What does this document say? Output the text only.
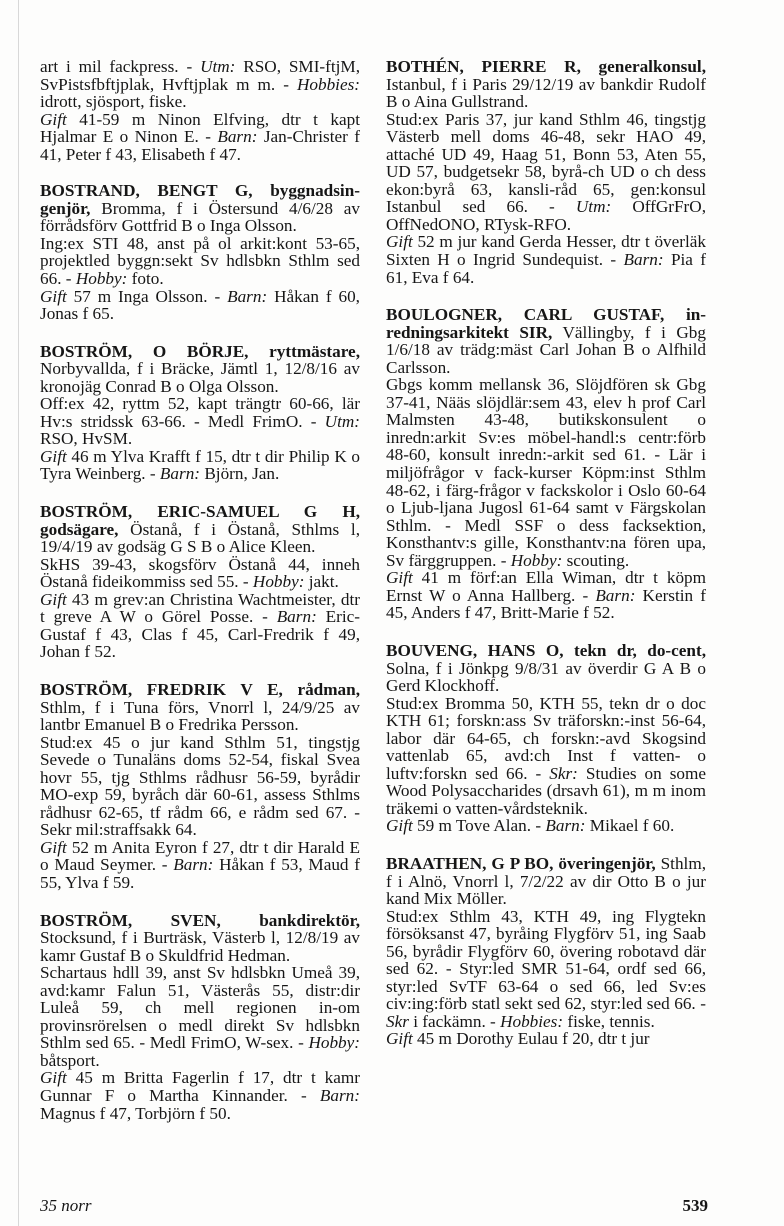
art i mil fackpress. - Utm: RSO, SMI-ftjM, SvPistsfbftjplak, Hvftjplak m m. - Hobbies: idrott, sjösport, fiske.
Gift 41-59 m Ninon Elfving, dtr t kapt Hjalmar E o Ninon E. - Barn: Jan-Christer f 41, Peter f 43, Elisabeth f 47.
BOSTRAND, BENGT G, byggnadsin-genjör, Bromma, f i Östersund 4/6/28 av förrådsförv Gottfrid B o Inga Olsson.
Ing:ex STI 48, anst på ol arkit:kont 53-65, projektled byggn:sekt Sv hdlsbkn Sthlm sed 66. - Hobby: foto.
Gift 57 m Inga Olsson. - Barn: Håkan f 60, Jonas f 65.
BOSTRÖM, O BÖRJE, ryttmästare, Norbyvallda, f i Bräcke, Jämtl 1, 12/8/16 av kronojäg Conrad B o Olga Olsson.
Off:ex 42, ryttm 52, kapt trängtr 60-66, lär Hv:s stridssk 63-66. - Medl FrimO. - Utm: RSO, HvSM.
Gift 46 m Ylva Krafft f 15, dtr t dir Philip K o Tyra Weinberg. - Barn: Björn, Jan.
BOSTRÖM, ERIC-SAMUEL G H, godsägare, Östanå, f i Östanå, Sthlms l, 19/4/19 av godsäg G S B o Alice Kleen.
SkHS 39-43, skogsförv Östanå 44, inneh Östanå fideikommiss sed 55. - Hobby: jakt.
Gift 43 m grev:an Christina Wachtmeister, dtr t greve A W o Görel Posse. - Barn: Eric-Gustaf f 43, Clas f 45, Carl-Fredrik f 49, Johan f 52.
BOSTRÖM, FREDRIK V E, rådman, Sthlm, f i Tuna förs, Vnorrl l, 24/9/25 av lantbr Emanuel B o Fredrika Persson.
Stud:ex 45 o jur kand Sthlm 51, tingstjg Sevede o Tunaläns doms 52-54, fiskal Svea hovr 55, tjg Sthlms rådhusr 56-59, byrådir MO-exp 59, byråch där 60-61, assess Sthlms rådhusr 62-65, tf rådm 66, e rådm sed 67. - Sekr mil:straffsakk 64.
Gift 52 m Anita Eyron f 27, dtr t dir Harald E o Maud Seymer. - Barn: Håkan f 53, Maud f 55, Ylva f 59.
BOSTRÖM, SVEN, bankdirektör, Stocksund, f i Burträsk, Västerb l, 12/8/19 av kamr Gustaf B o Skuldfrid Hedman.
Schartaus hdll 39, anst Sv hdlsbkn Umeå 39, avd:kamr Falun 51, Västerås 55, distr:dir Luleå 59, ch mell regionen in-om provinsrörelsen o medl direkt Sv hdlsbkn Sthlm sed 65. - Medl FrimO, W-sex. - Hobby: båtsport.
Gift 45 m Britta Fagerlin f 17, dtr t kamr Gunnar F o Martha Kinnander. - Barn: Magnus f 47, Torbjörn f 50.
BOTHÉN, PIERRE R, generalkonsul, Istanbul, f i Paris 29/12/19 av bankdir Rudolf B o Aina Gullstrand.
Stud:ex Paris 37, jur kand Sthlm 46, tingstjg Västerb mell doms 46-48, sekr HAO 49, attaché UD 49, Haag 51, Bonn 53, Aten 55, UD 57, budgetsekr 58, byrå-ch UD o ch dess ekon:byrå 63, kansli-råd 65, gen:konsul Istanbul sed 66. - Utm: OffGrFrO, OffNedONO, RTysk-RFO.
Gift 52 m jur kand Gerda Hesser, dtr t överläk Sixten H o Ingrid Sundequist. - Barn: Pia f 61, Eva f 64.
BOULOGNER, CARL GUSTAF, in-redningsarkitekt SIR, Vällingby, f i Gbg 1/6/18 av trädg:mäst Carl Johan B o Alfhild Carlsson.
Gbgs komm mellansk 36, Slöjdfören sk Gbg 37-41, Nääs slöjdlär:sem 43, elev h prof Carl Malmsten 43-48, butikskonsulent o inredn:arkit Sv:es möbel-handl:s centr:förb 48-60, konsult inredn:-arkit sed 61. - Lär i miljöfrågor v fack-kurser Köpm:inst Sthlm 48-62, i färg-frågor v fackskolor i Oslo 60-64 o Ljub-ljana Jugosl 61-64 samt v Färgskolan Sthlm. - Medl SSF o dess facksektion, Konsthantv:s gille, Konsthantv:na fören upa, Sv färggruppen. - Hobby: scouting.
Gift 41 m förf:an Ella Wiman, dtr t köpm Ernst W o Anna Hallberg. - Barn: Kerstin f 45, Anders f 47, Britt-Marie f 52.
BOUVENG, HANS O, tekn dr, do-cent, Solna, f i Jönkpg 9/8/31 av överdir G A B o Gerd Klockhoff.
Stud:ex Bromma 50, KTH 55, tekn dr o doc KTH 61; forskn:ass Sv träforskn:-inst 56-64, labor där 64-65, ch forskn:-avd Skogsind vattenlab 65, avd:ch Inst f vatten- o luftv:forskn sed 66. - Skr: Studies on some Wood Polysaccharides (drsavh 61), m m inom träkemi o vatten-vårdsteknik.
Gift 59 m Tove Alan. - Barn: Mikael f 60.
BRAATHEN, G P BO, överingenjör, Sthlm, f i Alnö, Vnorrl l, 7/2/22 av dir Otto B o jur kand Mix Möller.
Stud:ex Sthlm 43, KTH 49, ing Flygtekn försöksanst 47, byråing Flygförv 51, ing Saab 56, byrådir Flygförv 60, övering robotavd där sed 62. - Styr:led SMR 51-64, ordf sed 66, styr:led SvTF 63-64 o sed 66, led Sv:es civ:ing:förb statl sekt sed 62, styr:led sed 66. - Skr i fackämn. - Hobbies: fiske, tennis.
Gift 45 m Dorothy Eulau f 20, dtr t jur
35 norr	539
